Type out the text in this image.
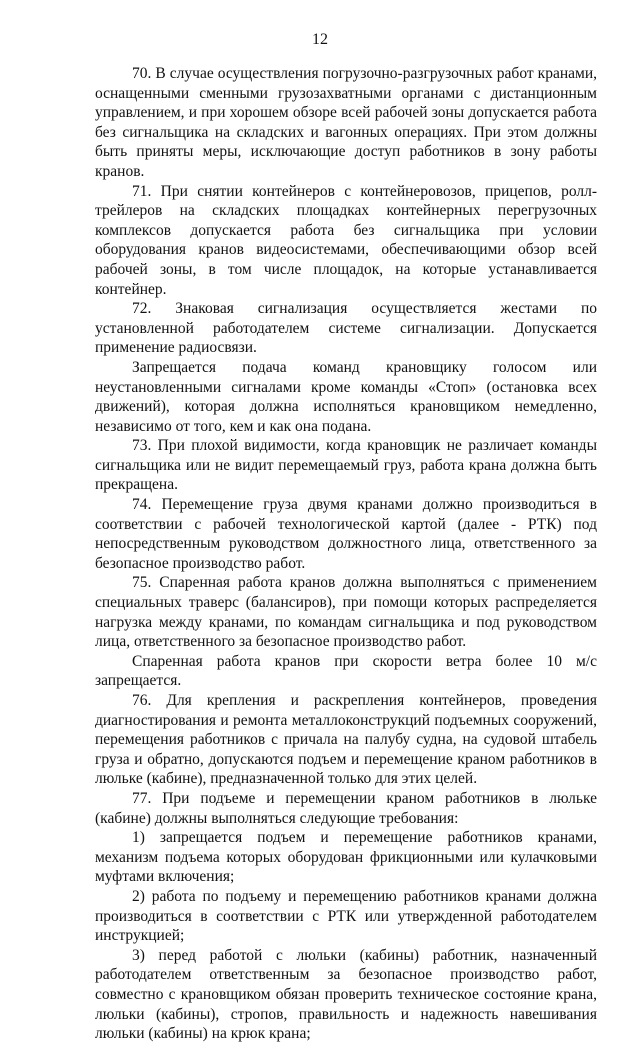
12

70. В случае осуществления погрузочно-разгрузочных работ кранами, оснащенными сменными грузозахватными органами с дистанционным управлением, и при хорошем обзоре всей рабочей зоны допускается работа без сигнальщика на складских и вагонных операциях. При этом должны быть приняты меры, исключающие доступ работников в зону работы кранов.

71. При снятии контейнеров с контейнеровозов, прицепов, ролл-трейлеров на складских площадках контейнерных перегрузочных комплексов допускается работа без сигнальщика при условии оборудования кранов видеосистемами, обеспечивающими обзор всей рабочей зоны, в том числе площадок, на которые устанавливается контейнер.

72. Знаковая сигнализация осуществляется жестами по установленной работодателем системе сигнализации. Допускается применение радиосвязи.

Запрещается подача команд крановщику голосом или неустановленными сигналами кроме команды «Стоп» (остановка всех движений), которая должна исполняться крановщиком немедленно, независимо от того, кем и как она подана.

73. При плохой видимости, когда крановщик не различает команды сигнальщика или не видит перемещаемый груз, работа крана должна быть прекращена.

74. Перемещение груза двумя кранами должно производиться в соответствии с рабочей технологической картой (далее - РТК) под непосредственным руководством должностного лица, ответственного за безопасное производство работ.

75. Спаренная работа кранов должна выполняться с применением специальных траверс (балансиров), при помощи которых распределяется нагрузка между кранами, по командам сигнальщика и под руководством лица, ответственного за безопасное производство работ.

Спаренная работа кранов при скорости ветра более 10 м/с запрещается.

76. Для крепления и раскрепления контейнеров, проведения диагностирования и ремонта металлоконструкций подъемных сооружений, перемещения работников с причала на палубу судна, на судовой штабель груза и обратно, допускаются подъем и перемещение краном работников в люльке (кабине), предназначенной только для этих целей.

77. При подъеме и перемещении краном работников в люльке (кабине) должны выполняться следующие требования:

1) запрещается подъем и перемещение работников кранами, механизм подъема которых оборудован фрикционными или кулачковыми муфтами включения;

2) работа по подъему и перемещению работников кранами должна производиться в соответствии с РТК или утвержденной работодателем инструкцией;

3) перед работой с люльки (кабины) работник, назначенный работодателем ответственным за безопасное производство работ, совместно с крановщиком обязан проверить техническое состояние крана, люльки (кабины), стропов, правильность и надежность навешивания люльки (кабины) на крюк крана;
